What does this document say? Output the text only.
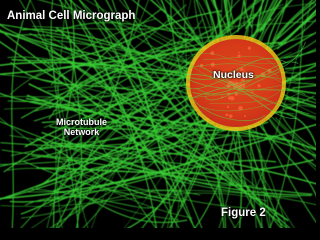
Animal Cell Micrograph
Nucleus
Microtubule
Network
Figure 2
